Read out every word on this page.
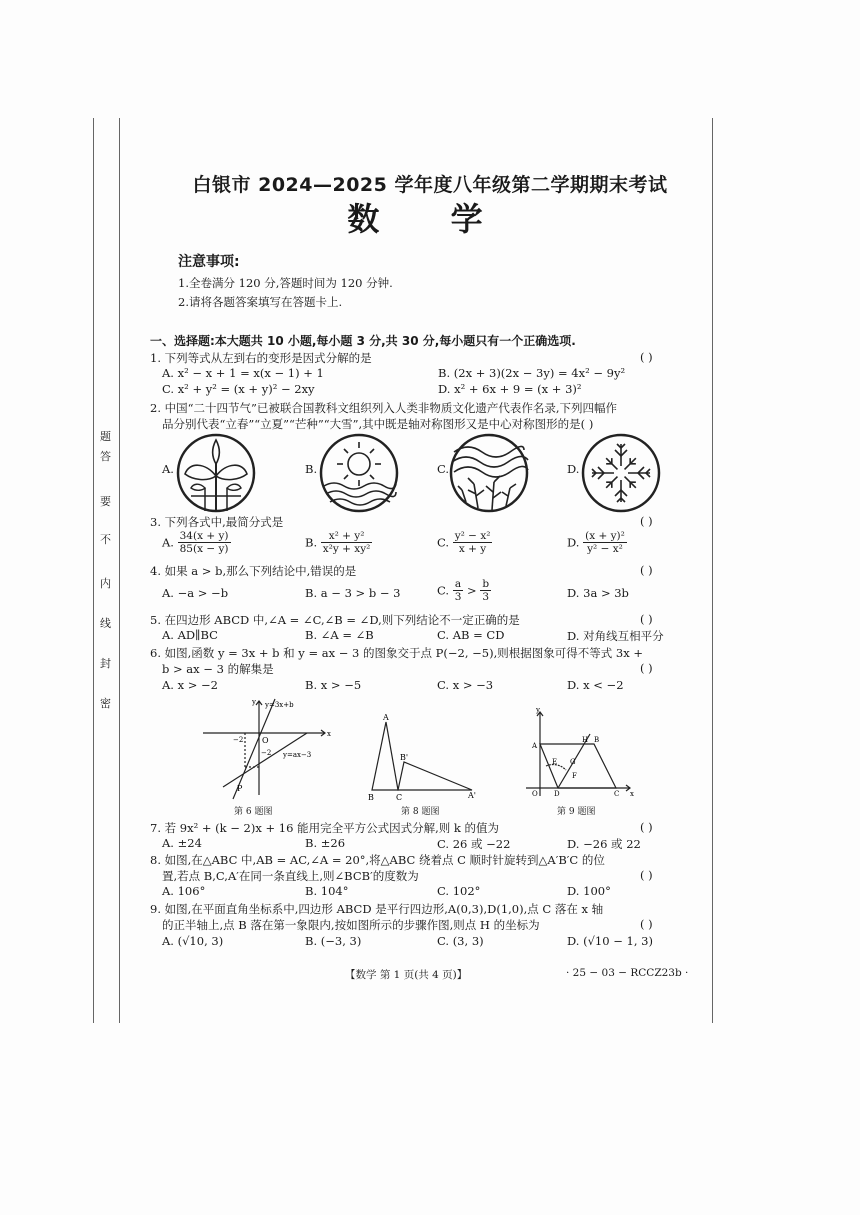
题
答
要
不
内
线
封
密
白银市 2024—2025 学年度八年级第二学期期末考试
数 学
注意事项:
1.全卷满分 120 分,答题时间为 120 分钟.
2.请将各题答案填写在答题卡上.
一、选择题:本大题共 10 小题,每小题 3 分,共 30 分,每小题只有一个正确选项.
1. 下列等式从左到右的变形是因式分解的是	( )
A. x² − x + 1 = x(x − 1) + 1	B. (2x + 3)(2x − 3y) = 4x² − 9y²
C. x² + y² = (x + y)² − 2xy	D. x² + 6x + 9 = (x + 3)²
2. 中国“二十四节气”已被联合国教科文组织列入人类非物质文化遗产代表作名录,下列四幅作
品分别代表“立春”“立夏”“芒种”“大雪”,其中既是轴对称图形又是中心对称图形的是( )
A.	B.	C.	D.
3. 下列各式中,最简分式是	( )
A. $\frac{34(x + y)}{85(x - y)}$	B. $\frac{\text{x² + y²}}{\text{x²y + xy²}}$	C. $\frac{\text{y² − x²}}{x + y}$	D. $\frac{\text{(x + y)²}}{\text{y² − x²}}$
4. 如果 a > b,那么下列结论中,错误的是	( )
A. −a > −b	B. a − 3 > b − 3	C. $\frac{a}{3} > \frac{b}{3}$	D. 3a > 3b
5. 在四边形 ABCD 中,∠A = ∠C,∠B = ∠D,则下列结论不一定正确的是	( )
A. AD∥BC	B. ∠A = ∠B	C. AB = CD	D. 对角线互相平分
6. 如图,函数 y = 3x + b 和 y = ax − 3 的图象交于点 P(−2, −5),则根据图象可得不等式 3x +
b > ax − 3 的解集是	( )
A. x > −2	B. x > −5	C. x > −3	D. x < −2
y
x
y=3x+b
y=ax−3
O
−2
−2
P
第 6 题图
A
B'
B	C	A'
第 8 题图
y
A
H B
E G
F
O D	C x
第 9 题图
7. 若 9x² + (k − 2)x + 16 能用完全平方公式因式分解,则 k 的值为	( )
A. ±24	B. ±26	C. 26 或 −22	D. −26 或 22
8. 如图,在△ABC 中,AB = AC,∠A = 20°,将△ABC 绕着点 C 顺时针旋转到△A′B′C 的位
置,若点 B,C,A′在同一条直线上,则∠BCB′的度数为	( )
A. 106°	B. 104°	C. 102°	D. 100°
9. 如图,在平面直角坐标系中,四边形 ABCD 是平行四边形,A(0,3),D(1,0),点 C 落在 x 轴
的正半轴上,点 B 落在第一象限内,按如图所示的步骤作图,则点 H 的坐标为	( )
A. (√10, 3)	B. (−3, 3)	C. (3, 3)	D. (√10 − 1, 3)
【数学 第 1 页(共 4 页)】	· 25 − 03 − RCCZ23b ·
